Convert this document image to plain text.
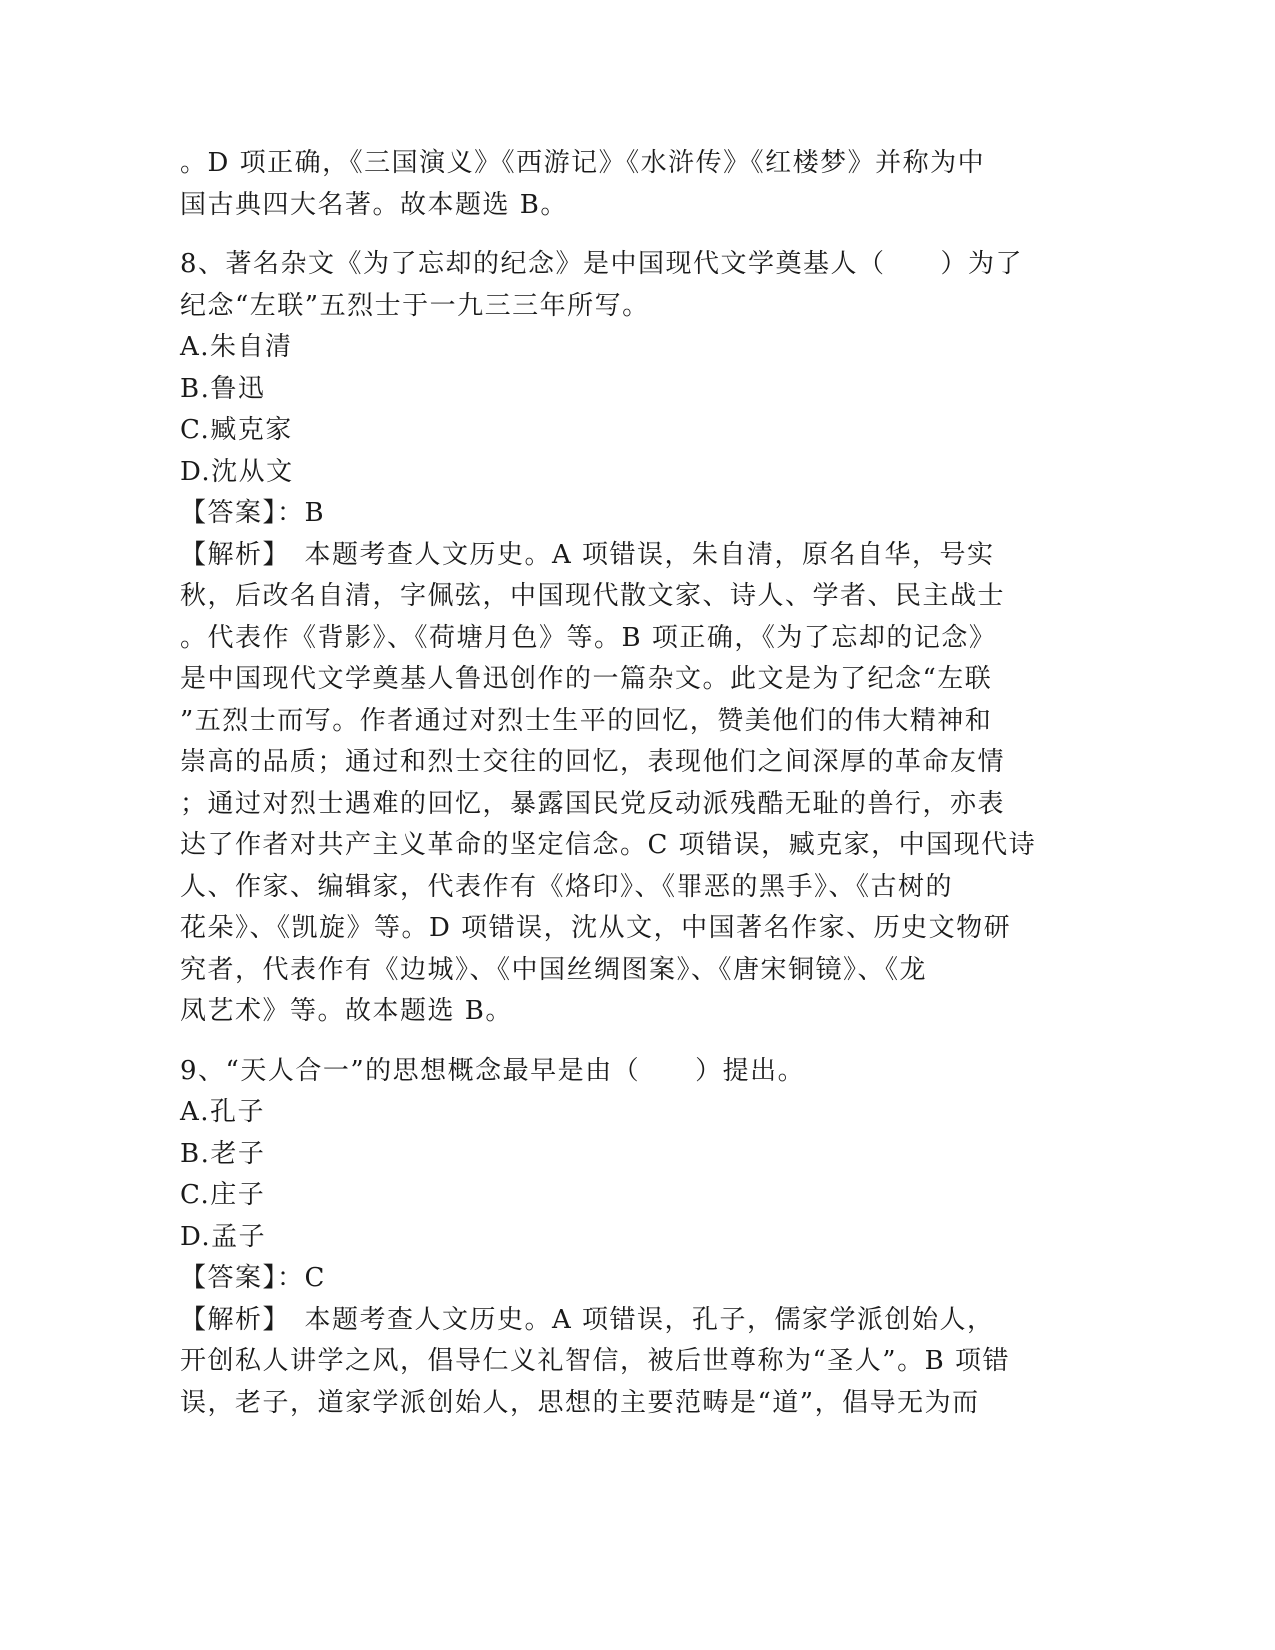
。D 项正确，《三国演义》《西游记》《水浒传》《红楼梦》并称为中
国古典四大名著。故本题选 B。
8、著名杂文《为了忘却的纪念》是中国现代文学奠基人（　　）为了
纪念“左联”五烈士于一九三三年所写。
A.朱自清
B.鲁迅
C.臧克家
D.沈从文
【答案】：B
【解析】　本题考查人文历史。A 项错误，朱自清，原名自华，号实
秋，后改名自清，字佩弦，中国现代散文家、诗人、学者、民主战士
。代表作《背影》、《荷塘月色》等。B 项正确，《为了忘却的记念》
是中国现代文学奠基人鲁迅创作的一篇杂文。此文是为了纪念“左联
”五烈士而写。作者通过对烈士生平的回忆，赞美他们的伟大精神和
崇高的品质；通过和烈士交往的回忆，表现他们之间深厚的革命友情
；通过对烈士遇难的回忆，暴露国民党反动派残酷无耻的兽行，亦表
达了作者对共产主义革命的坚定信念。C 项错误，臧克家，中国现代诗
人、作家、编辑家，代表作有《烙印》、《罪恶的黑手》、《古树的
花朵》、《凯旋》等。D 项错误，沈从文，中国著名作家、历史文物研
究者，代表作有《边城》、《中国丝绸图案》、《唐宋铜镜》、《龙
凤艺术》等。故本题选 B。
9、“天人合一”的思想概念最早是由（　　）提出。
A.孔子
B.老子
C.庄子
D.孟子
【答案】：C
【解析】　本题考查人文历史。A 项错误，孔子，儒家学派创始人，
开创私人讲学之风，倡导仁义礼智信，被后世尊称为“圣人”。B 项错
误，老子，道家学派创始人，思想的主要范畴是“道”，倡导无为而
